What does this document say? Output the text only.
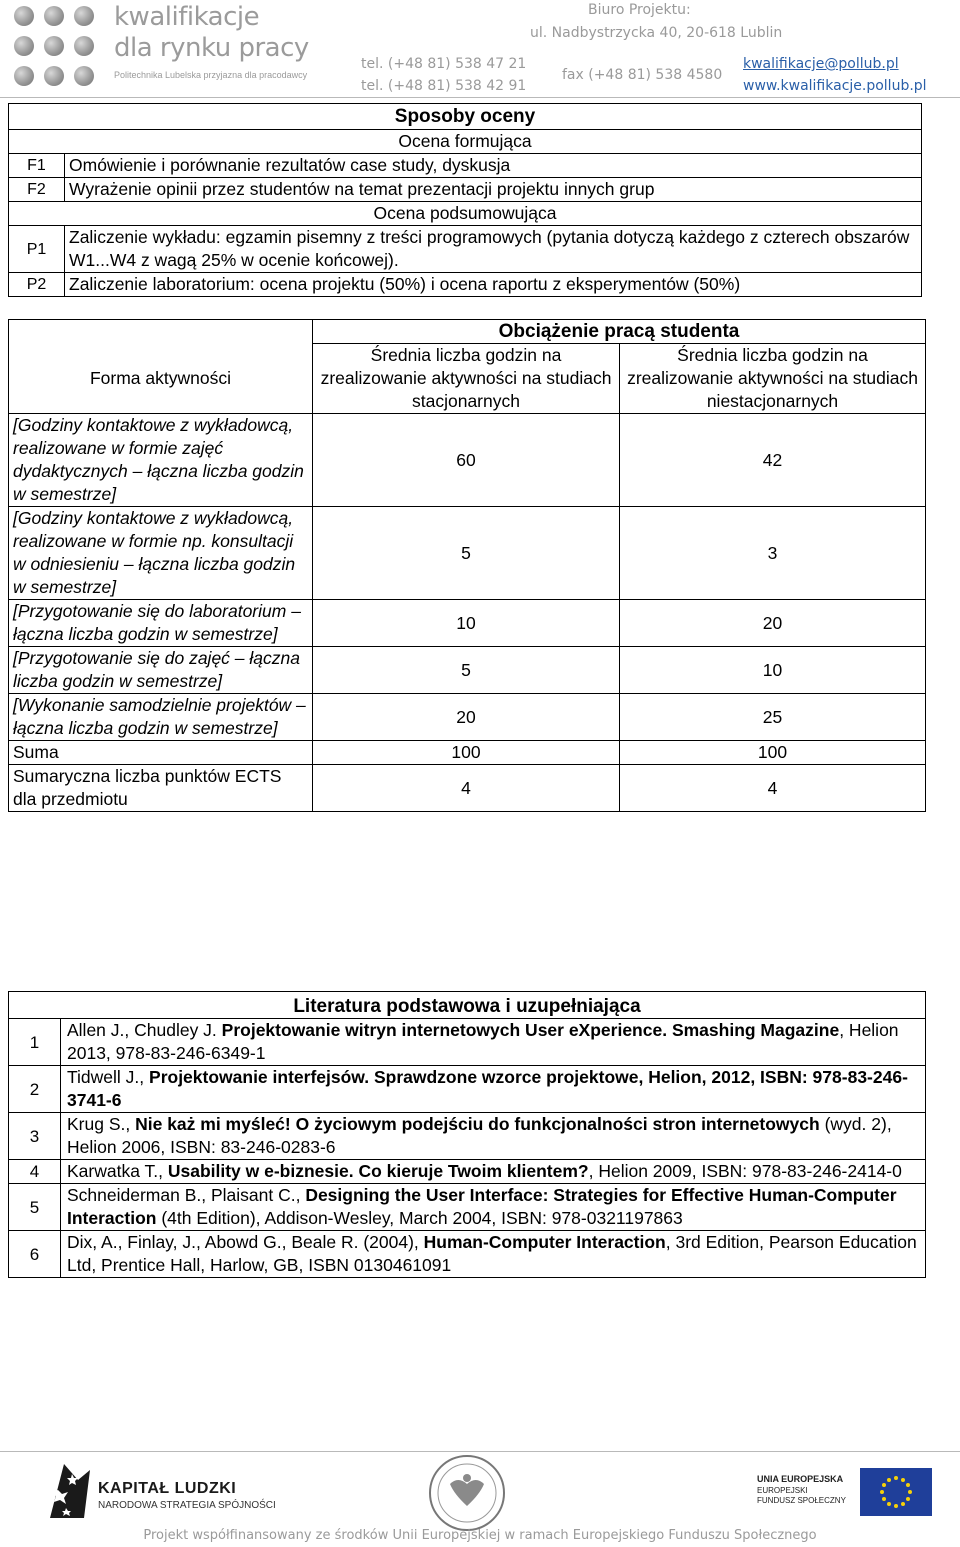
kwalifikacje
dla rynku pracy
Politechnika Lubelska przyjazna dla pracodawcy
Biuro Projektu:
ul. Nadbystrzycka 40, 20-618 Lublin
tel. (+48 81) 538 47 21
tel. (+48 81) 538 42 91
fax (+48 81) 538 4580
kwalifikacje@pollub.pl
www.kwalifikacje.pollub.pl
Sposoby oceny	
Ocena formująca	
F1	Omówienie i porównanie rezultatów case study, dyskusja
F2	Wyrażenie opinii przez studentów na temat prezentacji projektu innych grup
Ocena podsumowująca	
P1	Zaliczenie wykładu: egzamin pisemny z treści programowych (pytania dotyczą każdego z czterech obszarów W1...W4 z wagą 25% w ocenie końcowej).
P2	Zaliczenie laboratorium: ocena projektu (50%) i ocena raportu z eksperymentów (50%)
	Obciążenie pracą studenta	
Forma aktywności	Średnia liczba godzin na zrealizowanie aktywności na studiach stacjonarnych	Średnia liczba godzin na zrealizowanie aktywności na studiach niestacjonarnych
[Godziny kontaktowe z wykładowcą, realizowane w formie zajęć dydaktycznych – łączna liczba godzin w semestrze]	60	42
[Godziny kontaktowe z wykładowcą, realizowane w formie np. konsultacji w odniesieniu – łączna liczba godzin w semestrze]	5	3
[Przygotowanie się do laboratorium – łączna liczba godzin w semestrze]	10	20
[Przygotowanie się do zajęć – łączna liczba godzin w semestrze]	5	10
[Wykonanie samodzielnie projektów – łączna liczba godzin w semestrze]	20	25
Suma	100	100
Sumaryczna liczba punktów ECTS dla przedmiotu	4	4
Literatura podstawowa i uzupełniająca	
1	Allen J., Chudley J. Projektowanie witryn internetowych User eXperience. Smashing Magazine, Helion 2013, 978-83-246-6349-1
2	Tidwell J., Projektowanie interfejsów. Sprawdzone wzorce projektowe, Helion, 2012, ISBN: 978-83-246-3741-6
3	Krug S., Nie każ mi myśleć! O życiowym podejściu do funkcjonalności stron internetowych (wyd. 2), Helion 2006, ISBN: 83-246-0283-6
4	Karwatka T., Usability w e-biznesie. Co kieruje Twoim klientem?, Helion 2009, ISBN: 978-83-246-2414-0
5	Schneiderman B., Plaisant C., Designing the User Interface: Strategies for Effective Human-Computer Interaction (4th Edition), Addison-Wesley, March 2004, ISBN: 978-0321197863
6	Dix, A., Finlay, J., Abowd G., Beale R. (2004), Human-Computer Interaction, 3rd Edition, Pearson Education Ltd, Prentice Hall, Harlow, GB, ISBN 0130461091
KAPITAŁ LUDZKI
NARODOWA STRATEGIA SPÓJNOŚCI
UNIA EUROPEJSKA
EUROPEJSKI
FUNDUSZ SPOŁECZNY
Projekt współfinansowany ze środków Unii Europejskiej w ramach Europejskiego Funduszu Społecznego
